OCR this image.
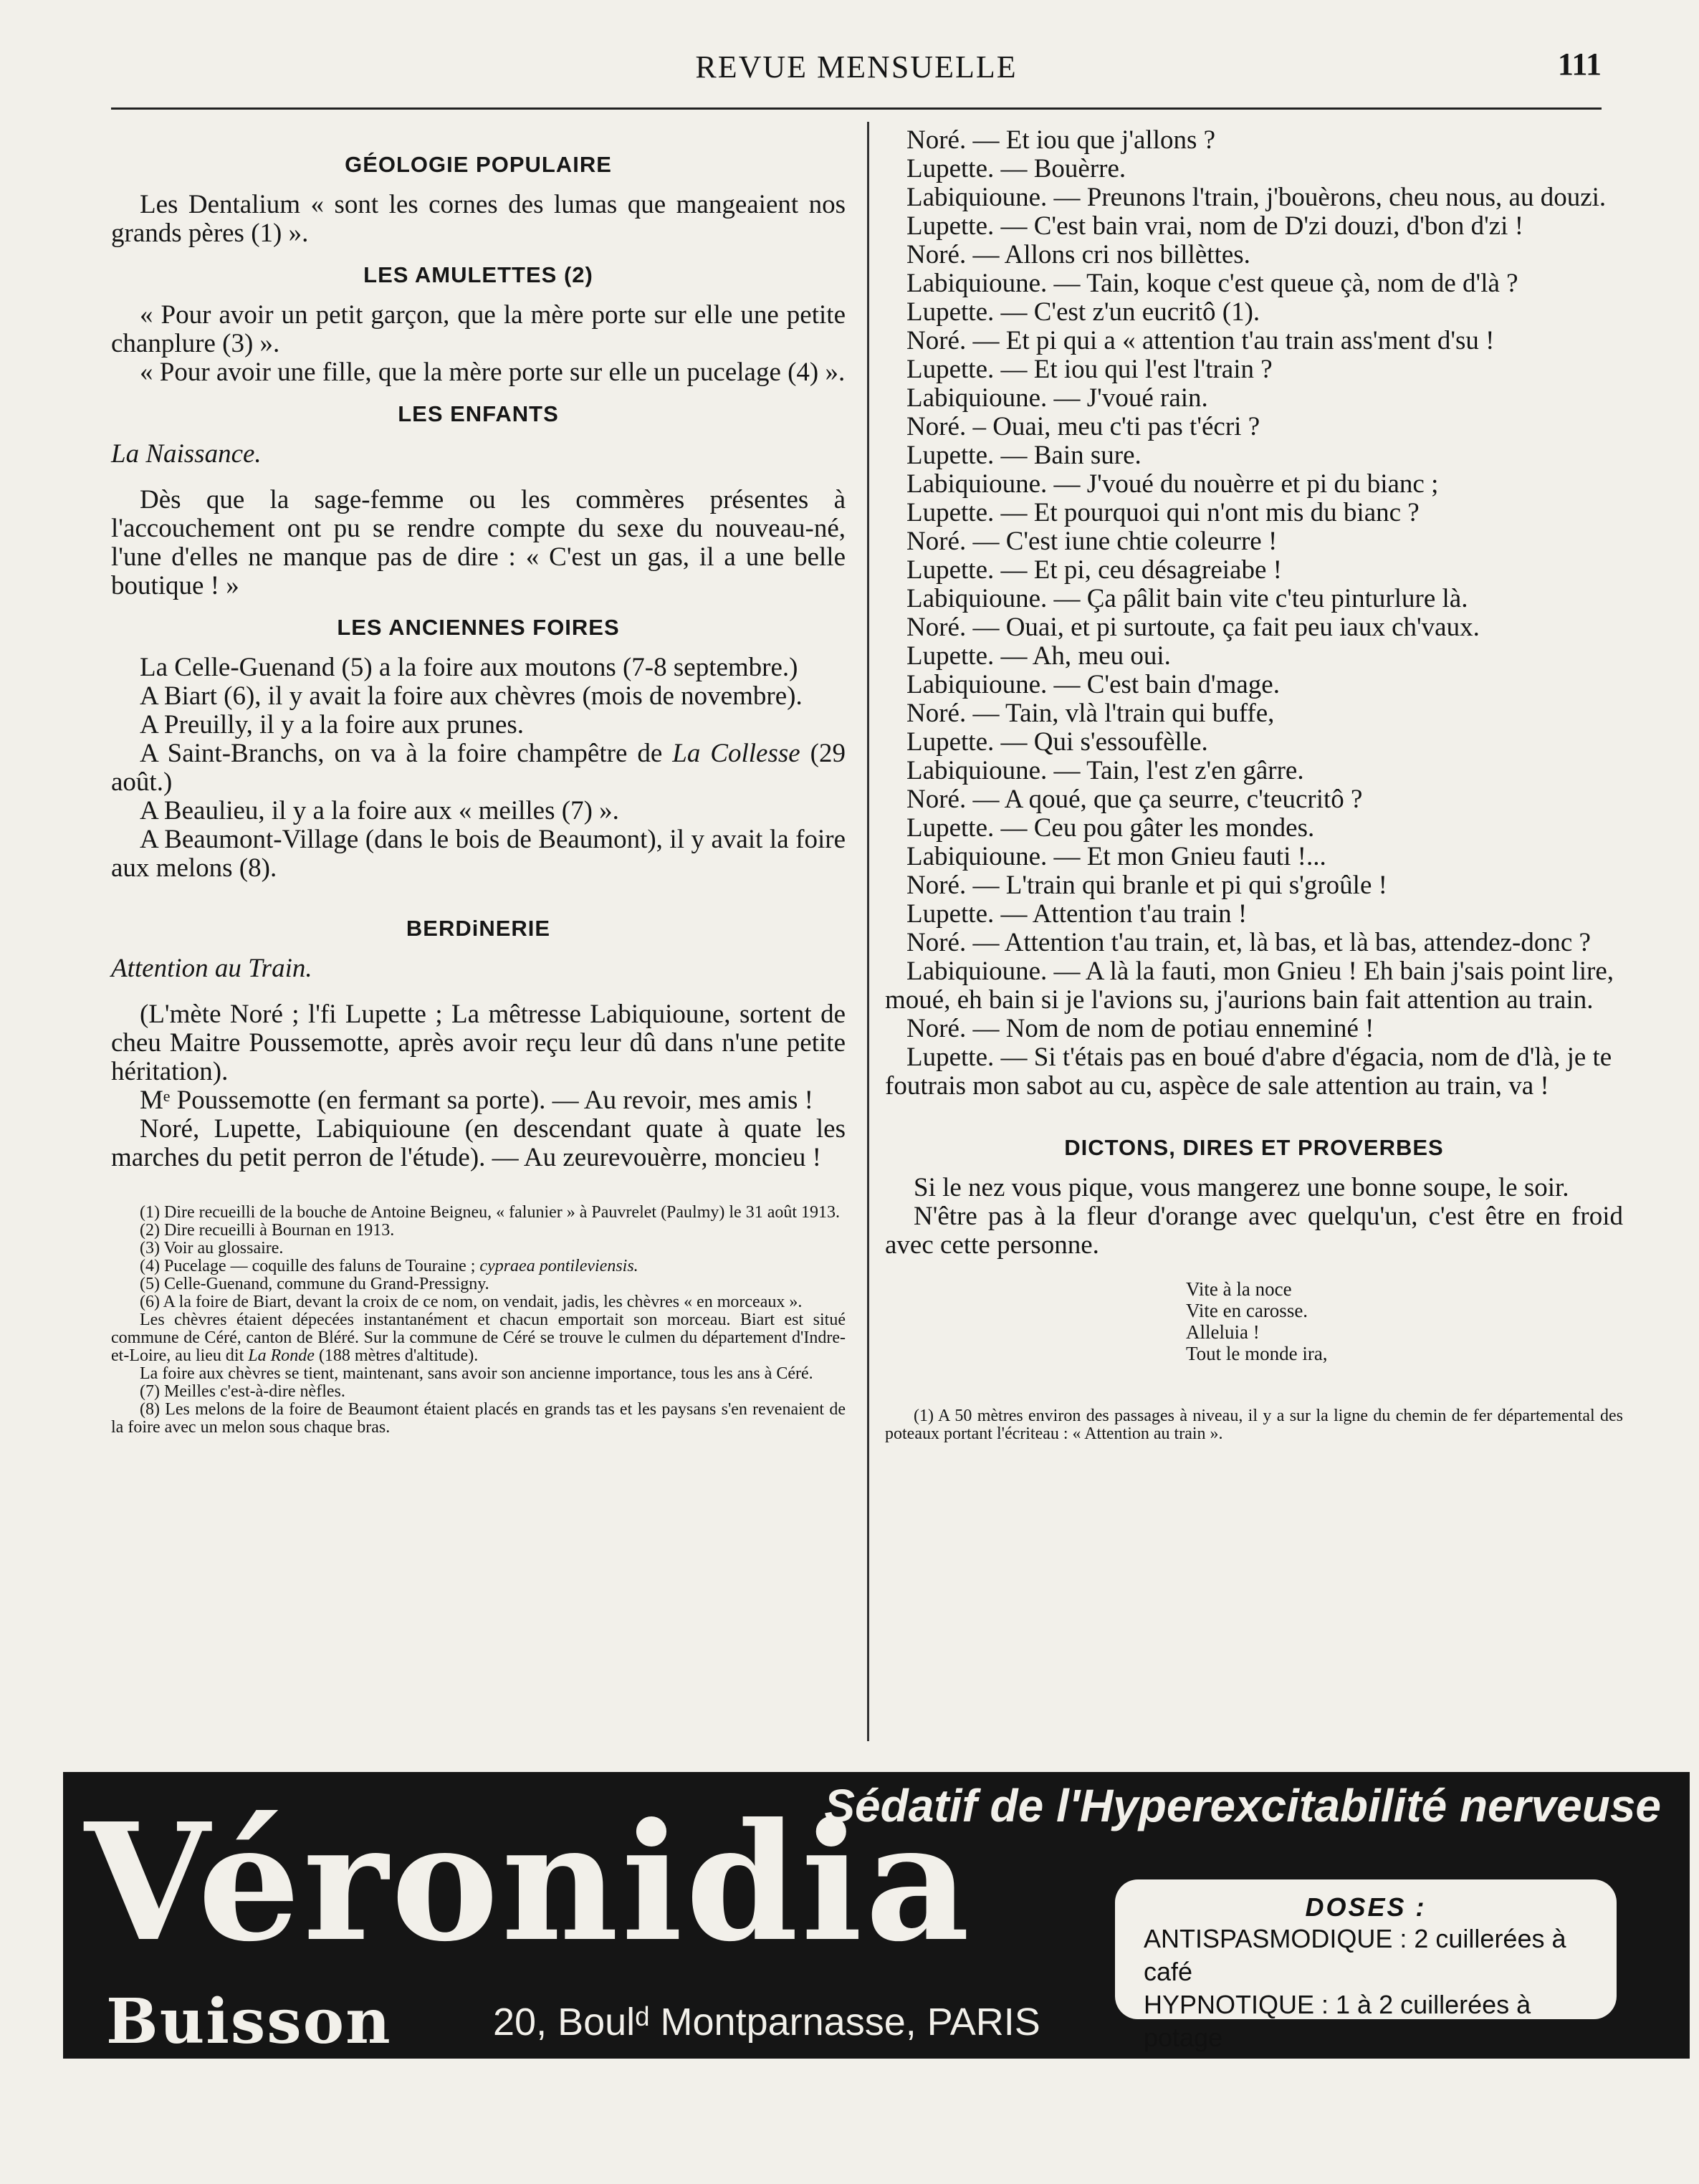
REVUE MENSUELLE	111
GÉOLOGIE POPULAIRE

Les Dentalium « sont les cornes des lumas que mangeaient nos grands pères (1) ».

LES AMULETTES (2)

« Pour avoir un petit garçon, que la mère porte sur elle une petite chanplure (3) ».

« Pour avoir une fille, que la mère porte sur elle un pucelage (4) ».

LES ENFANTS
La Naissance.

Dès que la sage-femme ou les commères présentes à l'accouchement ont pu se rendre compte du sexe du nouveau-né, l'une d'elles ne manque pas de dire : « C'est un gas, il a une belle boutique ! »

LES ANCIENNES FOIRES

La Celle-Guenand (5) a la foire aux moutons (7-8 septembre.)

A Biart (6), il y avait la foire aux chèvres (mois de novembre).

A Preuilly, il y a la foire aux prunes.

A Saint-Branchs, on va à la foire champêtre de La Collesse (29 août.)

A Beaulieu, il y a la foire aux « meilles (7) ».

A Beaumont-Village (dans le bois de Beaumont), il y avait la foire aux melons (8).

BERDiNERIE
Attention au Train.

(L'mète Noré ; l'fi Lupette ; La mêtresse Labiquioune, sortent de cheu Maitre Poussemotte, après avoir reçu leur dû dans n'une petite héritation).

Mᵉ Poussemotte (en fermant sa porte). — Au revoir, mes amis !

Noré, Lupette, Labiquioune (en descendant quate à quate les marches du petit perron de l'étude). — Au zeurevouèrre, moncieu !

(1) Dire recueilli de la bouche de Antoine Beigneu, « falunier » à Pauvrelet (Paulmy) le 31 août 1913.

(2) Dire recueilli à Bournan en 1913.

(3) Voir au glossaire.

(4) Pucelage — coquille des faluns de Touraine ; cypraea pontileviensis.

(5) Celle-Guenand, commune du Grand-Pressigny.

(6) A la foire de Biart, devant la croix de ce nom, on vendait, jadis, les chèvres « en morceaux ».

Les chèvres étaient dépecées instantanément et chacun emportait son morceau. Biart est situé commune de Céré, canton de Bléré. Sur la commune de Céré se trouve le culmen du département d'Indre-et-Loire, au lieu dit La Ronde (188 mètres d'altitude).

La foire aux chèvres se tient, maintenant, sans avoir son ancienne importance, tous les ans à Céré.

(7) Meilles c'est-à-dire nèfles.

(8) Les melons de la foire de Beaumont étaient placés en grands tas et les paysans s'en revenaient de la foire avec un melon sous chaque bras.

Noré. — Et iou que j'allons ?

Lupette. — Bouèrre.

Labiquioune. — Preunons l'train, j'bouèrons, cheu nous, au douzi.

Lupette. — C'est bain vrai, nom de D'zi douzi, d'bon d'zi !

Noré. — Allons cri nos billèttes.

Labiquioune. — Tain, koque c'est queue çà, nom de d'là ?

Lupette. — C'est z'un eucritô (1).

Noré. — Et pi qui a « attention t'au train ass'ment d'su !

Lupette. — Et iou qui l'est l'train ?

Labiquioune. — J'voué rain.

Noré. – Ouai, meu c'ti pas t'écri ?

Lupette. — Bain sure.

Labiquioune. — J'voué du nouèrre et pi du bianc ;

Lupette. — Et pourquoi qui n'ont mis du bianc ?

Noré. — C'est iune chtie coleurre !

Lupette. — Et pi, ceu désagreiabe !

Labiquioune. — Ça pâlit bain vite c'teu pinturlure là.

Noré. — Ouai, et pi surtoute, ça fait peu iaux ch'vaux.

Lupette. — Ah, meu oui.

Labiquioune. — C'est bain d'mage.

Noré. — Tain, vlà l'train qui buffe,

Lupette. — Qui s'essoufèlle.

Labiquioune. — Tain, l'est z'en gârre.

Noré. — A qoué, que ça seurre, c'teucritô ?

Lupette. — Ceu pou gâter les mondes.

Labiquioune. — Et mon Gnieu fauti !...

Noré. — L'train qui branle et pi qui s'groûle !

Lupette. — Attention t'au train !

Noré. — Attention t'au train, et, là bas, et là bas, attendez-donc ?

Labiquioune. — A là la fauti, mon Gnieu ! Eh bain j'sais point lire, moué, eh bain si je l'avions su, j'aurions bain fait attention au train.

Noré. — Nom de nom de potiau enneminé !

Lupette. — Si t'étais pas en boué d'abre d'égacia, nom de d'là, je te foutrais mon sabot au cu, aspèce de sale attention au train, va !

DICTONS, DIRES ET PROVERBES

Si le nez vous pique, vous mangerez une bonne soupe, le soir.

N'être pas à la fleur d'orange avec quelqu'un, c'est être en froid avec cette personne.

Vite à la noce
Vite en carosse.
Alleluia !
Tout le monde ira,

(1) A 50 mètres environ des passages à niveau, il y a sur la ligne du chemin de fer départemental des poteaux portant l'écriteau : « Attention au train ».

Véronidia
Sédatif de l'Hyperexcitabilité nerveuse
Buisson	20, Boulᵈ Montparnasse, PARIS
DOSES :
ANTISPASMODIQUE : 2 cuillerées à café
HYPNOTIQUE : 1 à 2 cuillerées à potage
